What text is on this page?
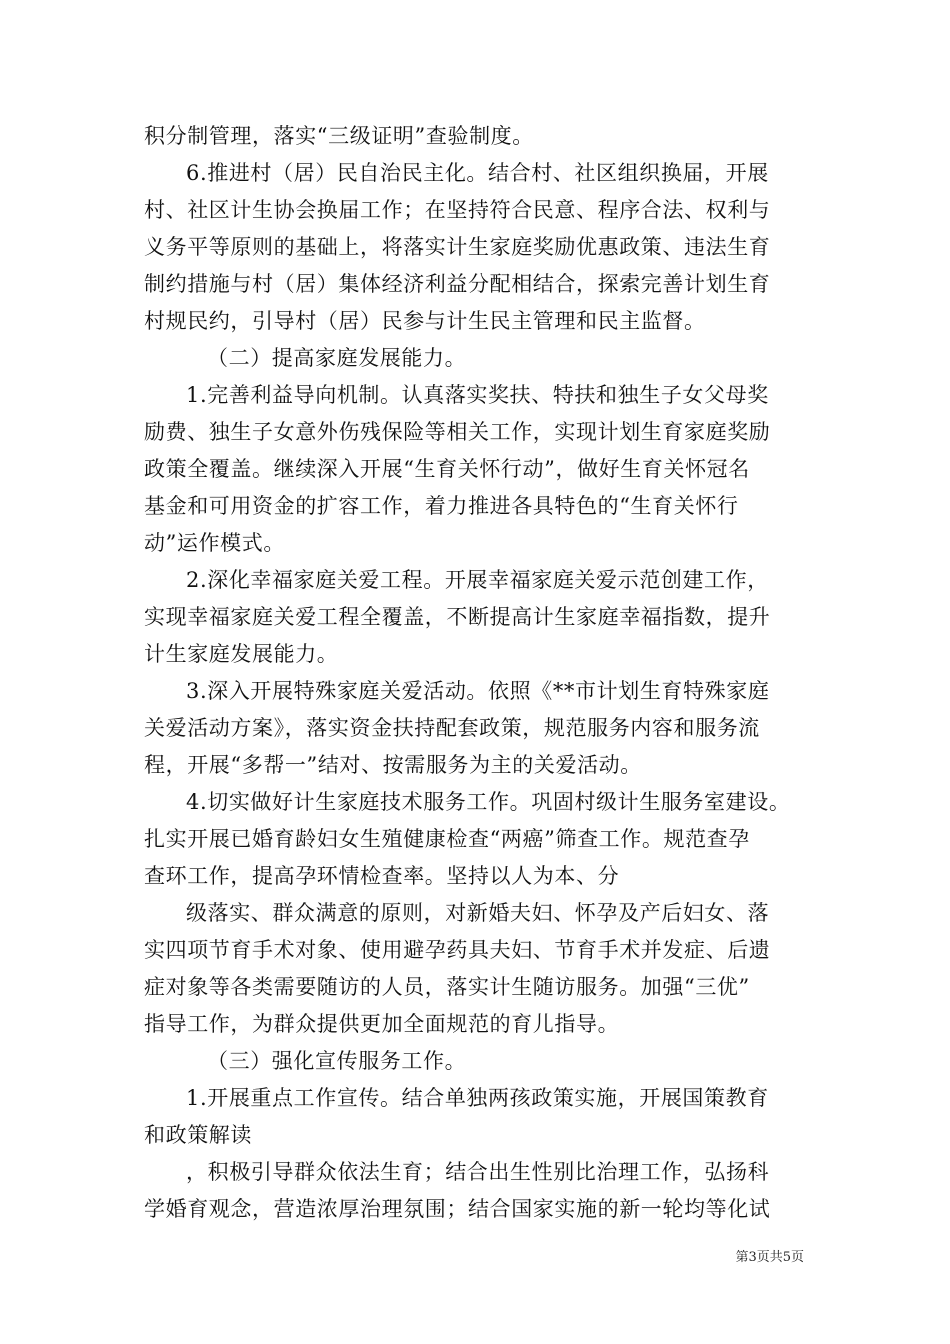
积分制管理，落实“三级证明”查验制度。
6.推进村（居）民自治民主化。结合村、社区组织换届，开展
村、社区计生协会换届工作；在坚持符合民意、程序合法、权利与
义务平等原则的基础上，将落实计生家庭奖励优惠政策、违法生育
制约措施与村（居）集体经济利益分配相结合，探索完善计划生育
村规民约，引导村（居）民参与计生民主管理和民主监督。
（二）提高家庭发展能力。
1.完善利益导向机制。认真落实奖扶、特扶和独生子女父母奖
励费、独生子女意外伤残保险等相关工作，实现计划生育家庭奖励
政策全覆盖。继续深入开展“生育关怀行动”，做好生育关怀冠名
基金和可用资金的扩容工作，着力推进各具特色的“生育关怀行
动”运作模式。
2.深化幸福家庭关爱工程。开展幸福家庭关爱示范创建工作，
实现幸福家庭关爱工程全覆盖，不断提高计生家庭幸福指数，提升
计生家庭发展能力。
3.深入开展特殊家庭关爱活动。依照《**市计划生育特殊家庭
关爱活动方案》，落实资金扶持配套政策，规范服务内容和服务流
程，开展“多帮一”结对、按需服务为主的关爱活动。
4.切实做好计生家庭技术服务工作。巩固村级计生服务室建设。
扎实开展已婚育龄妇女生殖健康检查“两癌”筛查工作。规范查孕
查环工作，提高孕环情检查率。坚持以人为本、分
级落实、群众满意的原则，对新婚夫妇、怀孕及产后妇女、落
实四项节育手术对象、使用避孕药具夫妇、节育手术并发症、后遗
症对象等各类需要随访的人员，落实计生随访服务。加强“三优”
指导工作，为群众提供更加全面规范的育儿指导。
（三）强化宣传服务工作。
1.开展重点工作宣传。结合单独两孩政策实施，开展国策教育
和政策解读
，积极引导群众依法生育；结合出生性别比治理工作，弘扬科
学婚育观念，营造浓厚治理氛围；结合国家实施的新一轮均等化试
第3页共5页
